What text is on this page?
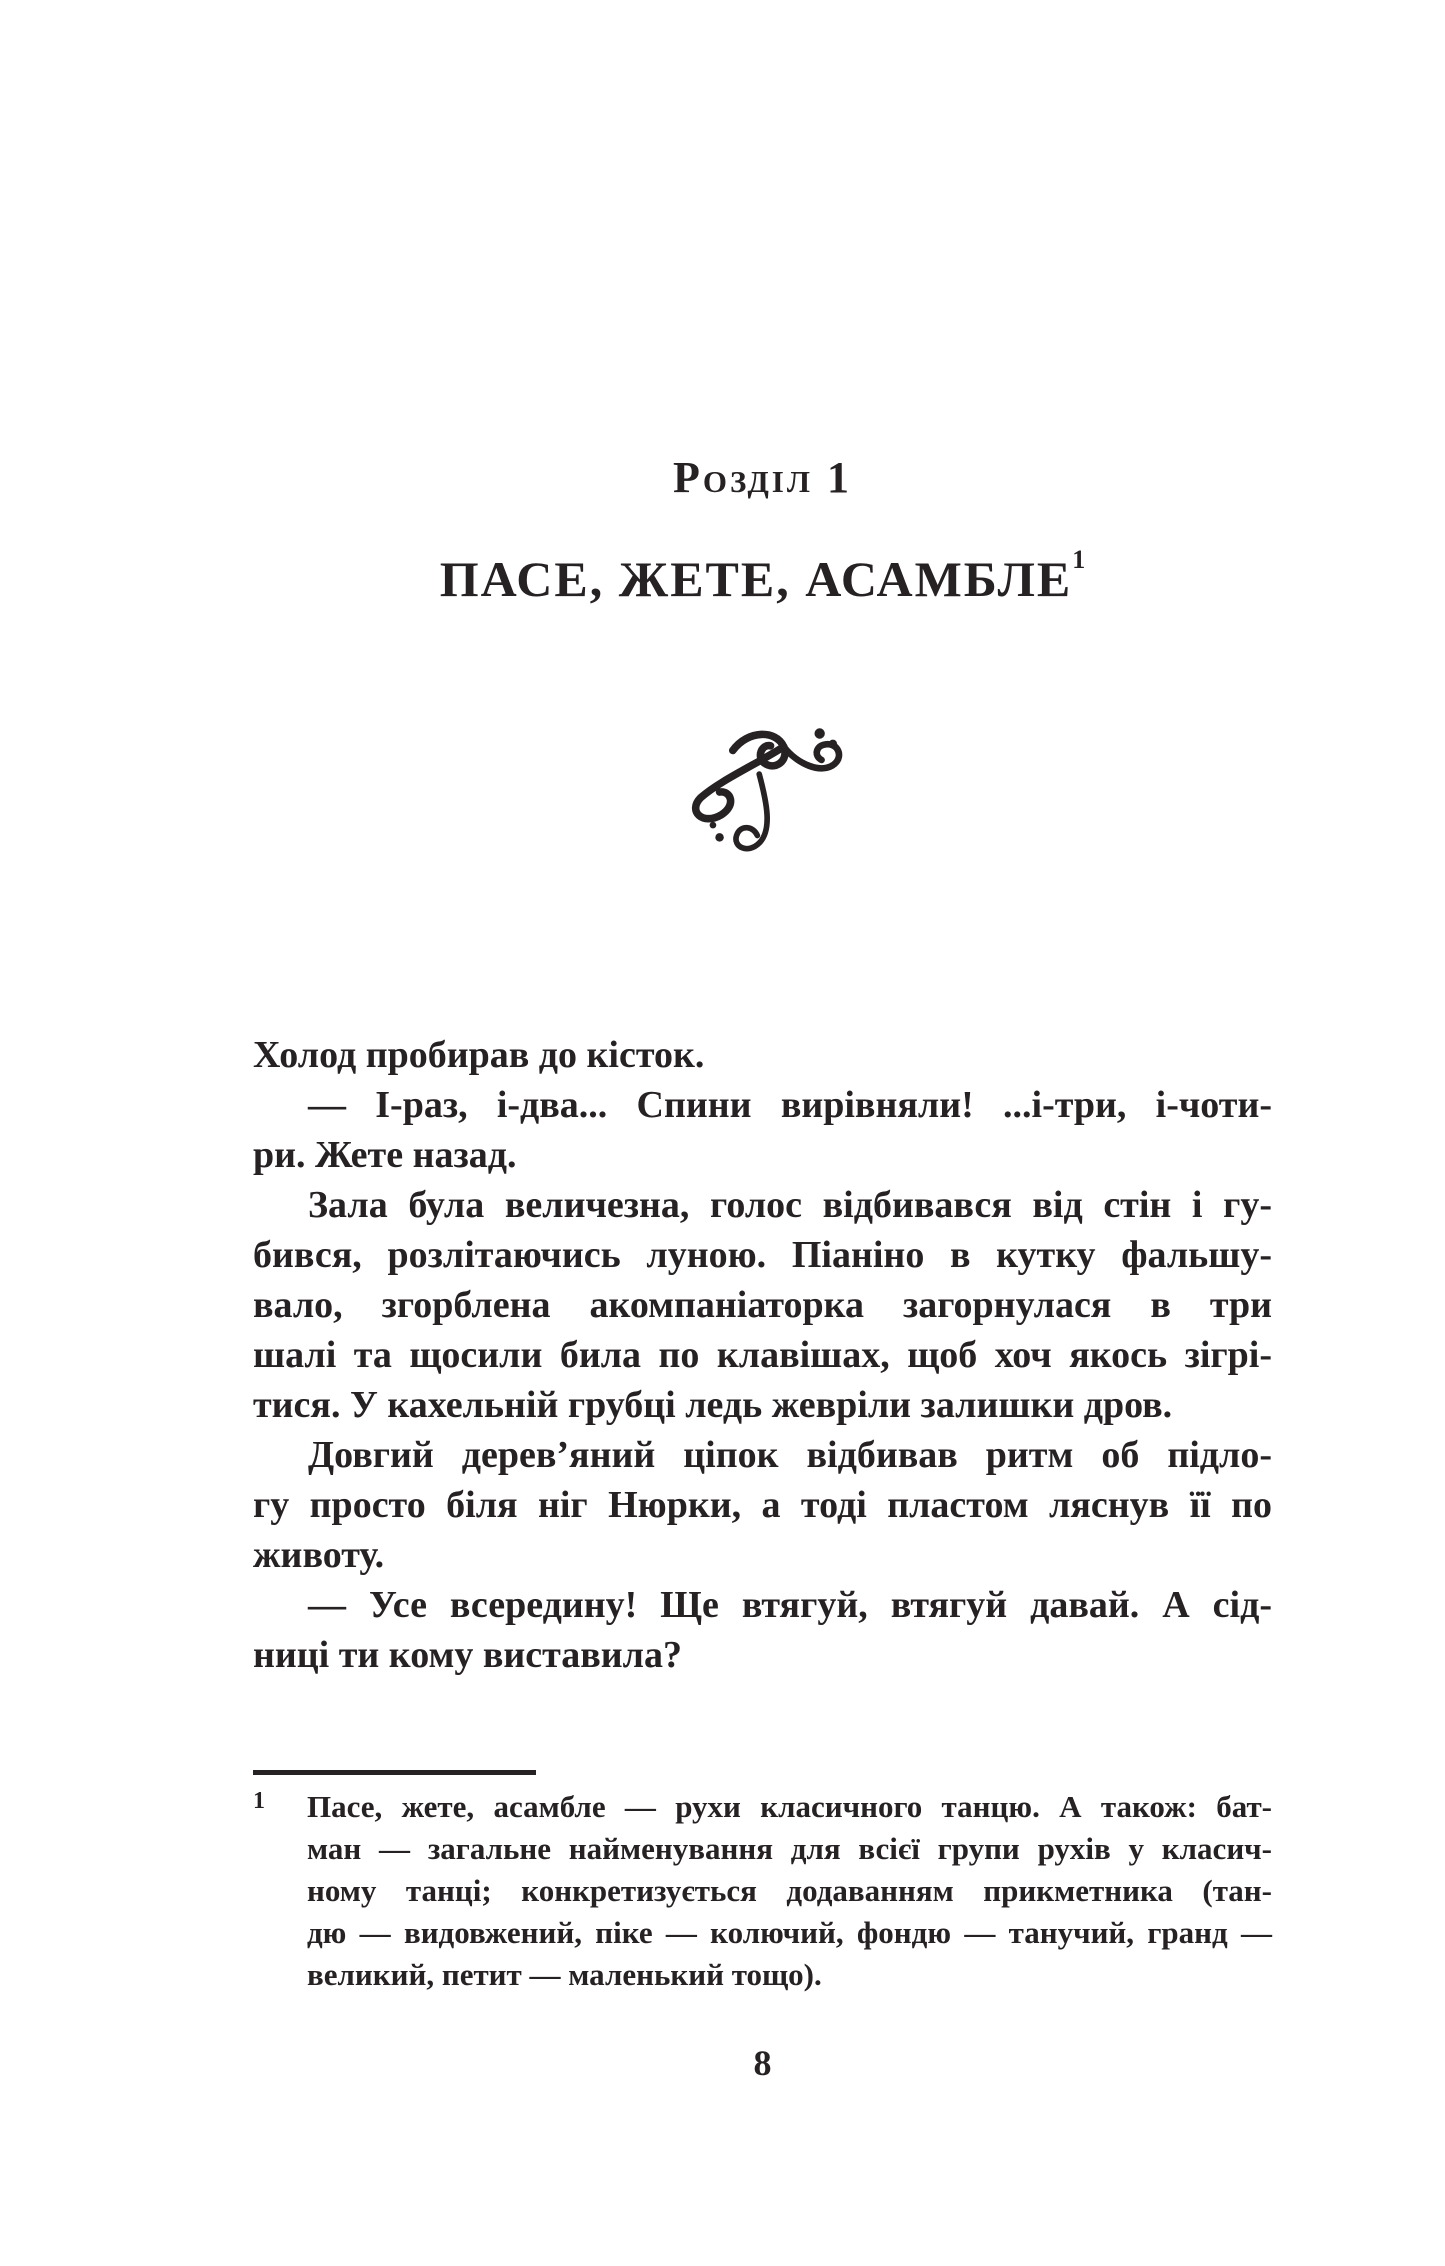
Розділ 1
ПАСЕ, ЖЕТЕ, АСАМБЛЕ$^1$
Холод пробирав до кісток.
— І-раз, і-два... Спини вирівняли! ...і-три, і-чоти-
ри. Жете назад.
Зала була величезна, голос відбивався від стін і гу-
бився, розлітаючись луною. Піаніно в кутку фальшу-
вало, згорблена акомпаніаторка загорнулася в три
шалі та щосили била по клавішах, щоб хоч якось зігрі-
тися. У кахельній грубці ледь жевріли залишки дров.
Довгий дерев’яний ціпок відбивав ритм об підло-
гу просто біля ніг Нюрки, а тоді пластом ляснув її по
животу.
— Усе всередину! Ще втягуй, втягуй давай. А сід-
ниці ти кому виставила?
1 Пасе, жете, асамбле — рухи класичного танцю. А також: бат-
ман — загальне найменування для всієї групи рухів у класич-
ному танці; конкретизується додаванням прикметника (тан-
дю — видовжений, піке — колючий, фондю — танучий, гранд —
великий, петит — маленький тощо).
8
